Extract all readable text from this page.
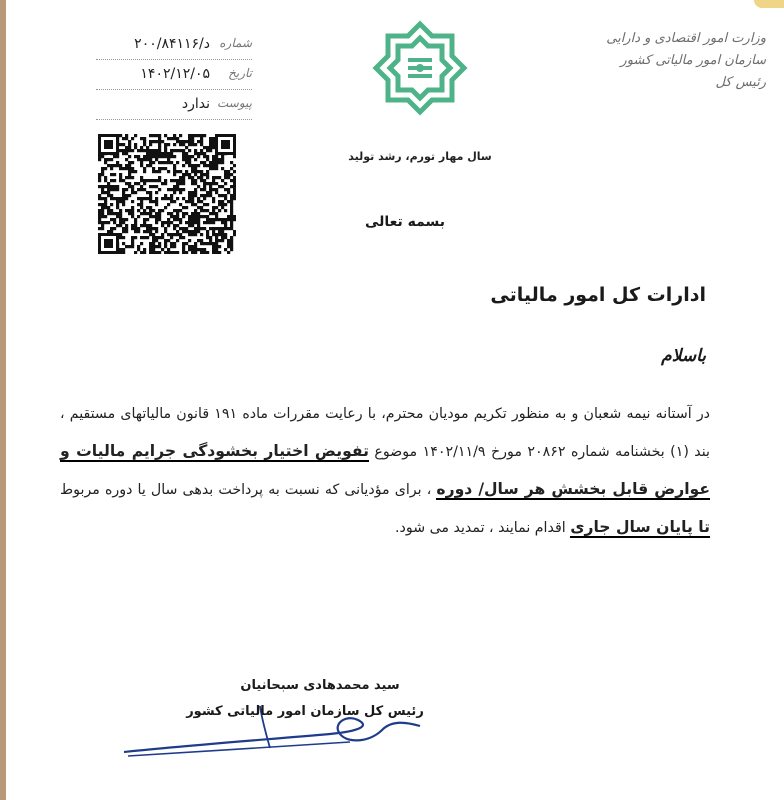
وزارت امور اقتصادی و دارایی
سازمان امور مالیاتی کشور
رئیس کل
سال مهار تورم، رشد تولید
بسمه تعالی
شماره
د/۲۰۰/۸۴۱۱۶
تاریخ
۱۴۰۲/۱۲/۰۵
پیوست
ندارد
ادارات کل امور مالیاتی
باسلام
در آستانه نیمه شعبان و به منظور تکریم مودیان محترم، با رعایت مقررات ماده ۱۹۱ قانون مالیاتهای مستقیم ، بند (۱) بخشنامه شماره ۲۰۸۶۲ مورخ ۱۴۰۲/۱۱/۹ موضوع تفویض اختیار بخشودگی جرایم مالیات و عوارض قابل بخشش هر سال/ دوره ، برای مؤدیانی که نسبت به پرداخت بدهی سال یا دوره مربوط تا پایان سال جاری اقدام نمایند ، تمدید می شود.
سید محمدهادی سبحانیان
رئیس کل سازمان امور مالیاتی کشور
